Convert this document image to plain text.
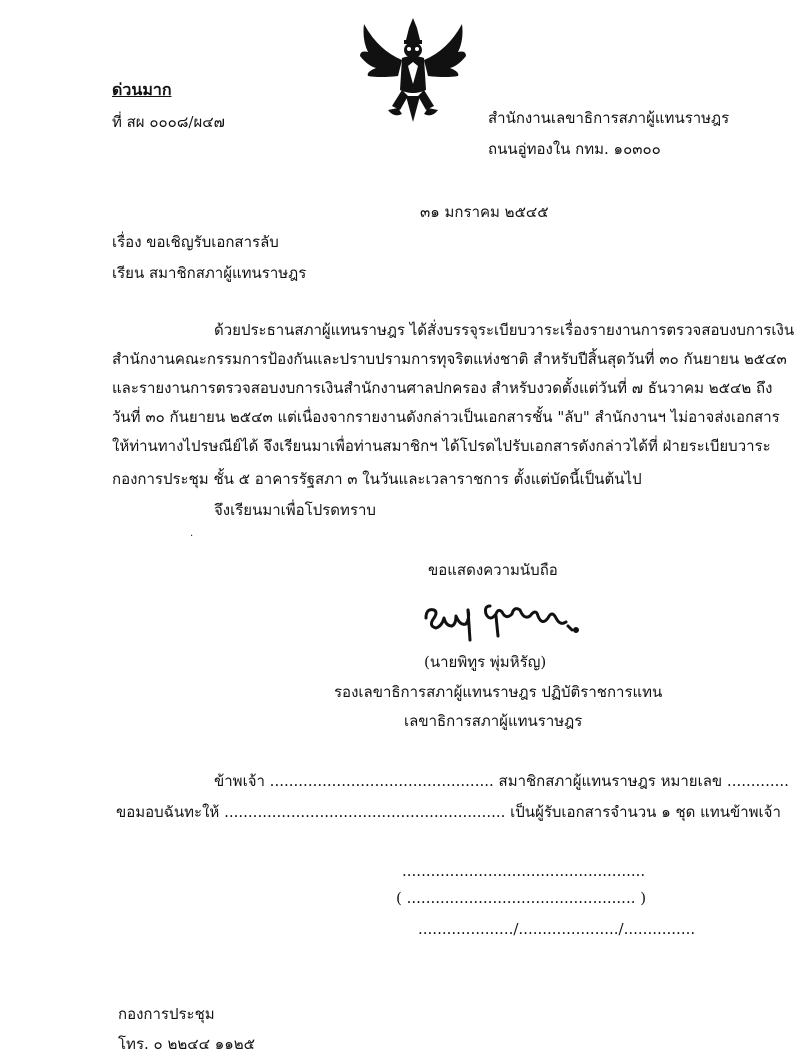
ด่วนมาก
ที่ สผ ๐๐๐๘/ผ๔๗	สำนักงานเลขาธิการสภาผู้แทนราษฎร
ถนนอู่ทองใน กทม. ๑๐๓๐๐
๓๑ มกราคม ๒๕๔๕
เรื่อง ขอเชิญรับเอกสารลับ
เรียน สมาชิกสภาผู้แทนราษฎร
ด้วยประธานสภาผู้แทนราษฎร ได้สั่งบรรจุระเบียบวาระเรื่องรายงานการตรวจสอบงบการเงิน
สำนักงานคณะกรรมการป้องกันและปราบปรามการทุจริตแห่งชาติ สำหรับปีสิ้นสุดวันที่ ๓๐ กันยายน ๒๕๔๓
และรายงานการตรวจสอบงบการเงินสำนักงานศาลปกครอง สำหรับงวดตั้งแต่วันที่ ๗ ธันวาคม ๒๕๔๒ ถึง
วันที่ ๓๐ กันยายน ๒๕๔๓ แต่เนื่องจากรายงานดังกล่าวเป็นเอกสารชั้น "ลับ" สำนักงานฯ ไม่อาจส่งเอกสาร
ให้ท่านทางไปรษณีย์ได้ จึงเรียนมาเพื่อท่านสมาชิกฯ ได้โปรดไปรับเอกสารดังกล่าวได้ที่ ฝ่ายระเบียบวาระ
กองการประชุม ชั้น ๕ อาคารรัฐสภา ๓ ในวันและเวลาราชการ ตั้งแต่บัดนี้เป็นต้นไป
จึงเรียนมาเพื่อโปรดทราบ
.
ขอแสดงความนับถือ
(นายพิทูร พุ่มหิรัญ)
รองเลขาธิการสภาผู้แทนราษฎร ปฏิบัติราชการแทน
เลขาธิการสภาผู้แทนราษฎร
ข้าพเจ้า ............................................... สมาชิกสภาผู้แทนราษฎร หมายเลข .............
ขอมอบฉันทะให้ ........................................................... เป็นผู้รับเอกสารจำนวน ๑ ชุด แทนข้าพเจ้า
...................................................
( ................................................ )
..................../...................../...............
กองการประชุม
โทร. ๐ ๒๒๔๔ ๑๑๒๕
